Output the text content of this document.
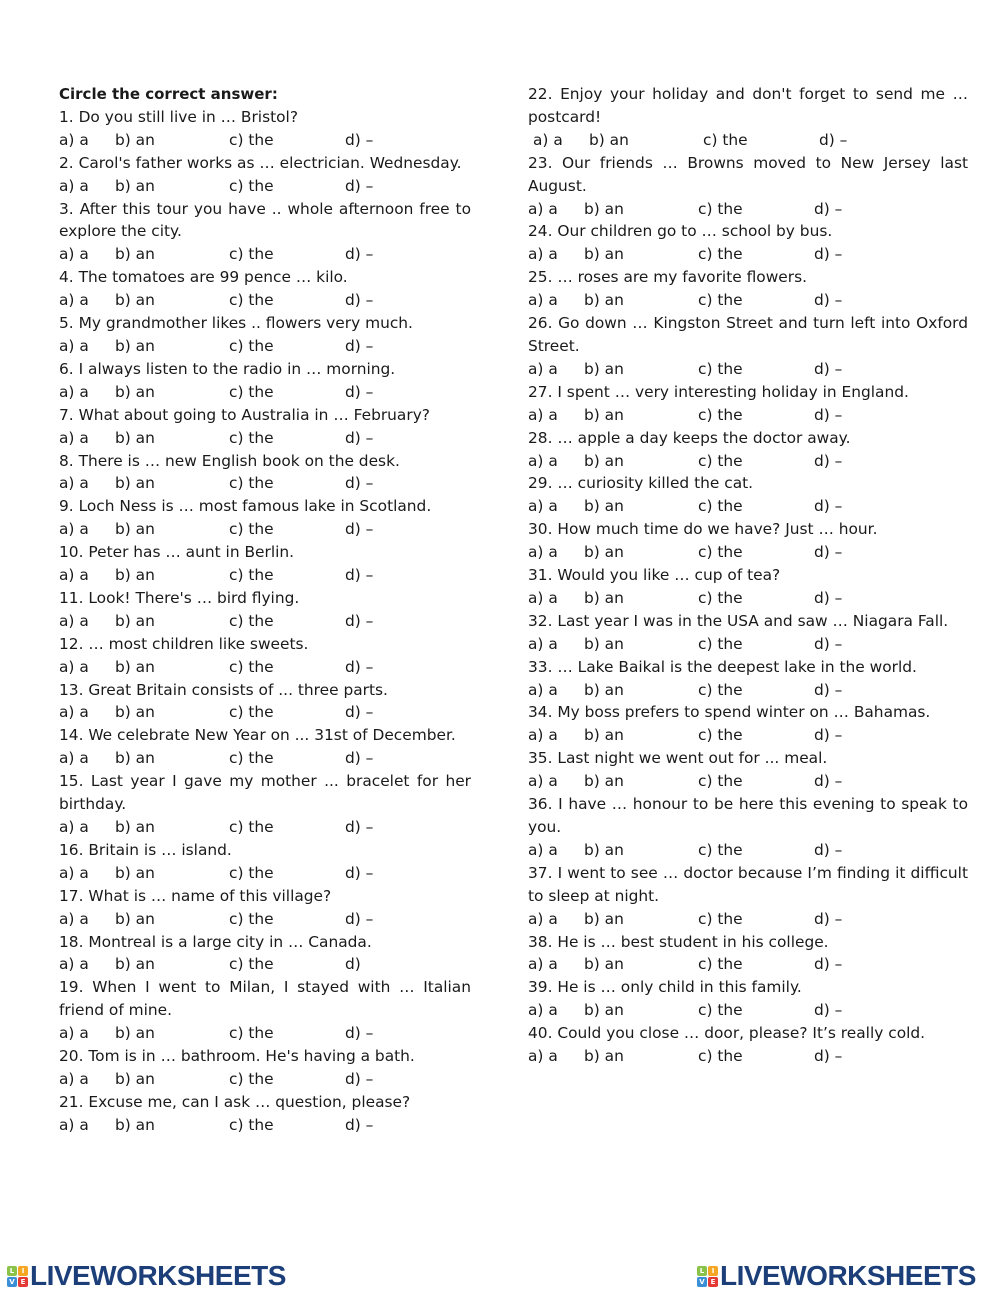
Circle the correct answer:
1. Do you still live in … Bristol?
a) a	b) an	c) the	d) –
2. Carol's father works as … electrician. Wednesday.
a) a	b) an	c) the	d) –
3. After this tour you have .. whole afternoon free to explore the city.
a) a	b) an	c) the	d) –
4. The tomatoes are 99 pence … kilo.
a) a	b) an	c) the	d) –
5. My grandmother likes .. flowers very much.
a) a	b) an	c) the	d) –
6. I always listen to the radio in … morning.
a) a	b) an	c) the	d) –
7. What about going to Australia in … February?
a) a	b) an	c) the	d) –
8. There is … new English book on the desk.
a) a	b) an	c) the	d) –
9. Loch Ness is … most famous lake in Scotland.
a) a	b) an	c) the	d) –
10. Peter has … aunt in Berlin.
a) a	b) an	c) the	d) –
11. Look! There's … bird flying.
a) a	b) an	c) the	d) –
12. … most children like sweets.
a) a	b) an	c) the	d) –
13. Great Britain consists of ... three parts.
a) a	b) an	c) the	d) –
14. We celebrate New Year on ... 31st of December.
a) a	b) an	c) the	d) –
15. Last year I gave my mother ... bracelet for her birthday.
a) a	b) an	c) the	d) –
16. Britain is … island.
a) a	b) an	c) the	d) –
17. What is … name of this village?
a) a	b) an	c) the	d) –
18. Montreal is a large city in … Canada.
a) a	b) an	c) the	d)
19. When I went to Milan, I stayed with … Italian friend of mine.
a) a	b) an	c) the	d) –
20. Tom is in … bathroom. He's having a bath.
a) a	b) an	c) the	d) –
21. Excuse me, can I ask … question, please?
a) a	b) an	c) the	d) –
22. Enjoy your holiday and don't forget to send me … postcard!
a) a	b) an	c) the	d) –
23. Our friends … Browns moved to New Jersey last August.
a) a	b) an	c) the	d) –
24. Our children go to … school by bus.
a) a	b) an	c) the	d) –
25. … roses are my favorite flowers.
a) a	b) an	c) the	d) –
26. Go down … Kingston Street and turn left into Oxford Street.
a) a	b) an	c) the	d) –
27. I spent … very interesting holiday in England.
a) a	b) an	c) the	d) –
28. … apple a day keeps the doctor away.
a) a	b) an	c) the	d) –
29. … curiosity killed the cat.
a) a	b) an	c) the	d) –
30. How much time do we have? Just … hour.
a) a	b) an	c) the	d) –
31. Would you like … cup of tea?
a) a	b) an	c) the	d) –
32. Last year I was in the USA and saw … Niagara Fall.
a) a	b) an	c) the	d) –
33. … Lake Baikal is the deepest lake in the world.
a) a	b) an	c) the	d) –
34. My boss prefers to spend winter on … Bahamas.
a) a	b) an	c) the	d) –
35. Last night we went out for ... meal.
a) a	b) an	c) the	d) –
36. I have … honour to be here this evening to speak to you.
a) a	b) an	c) the	d) –
37. I went to see … doctor because I’m finding it difficult to sleep at night.
a) a	b) an	c) the	d) –
38. He is … best student in his college.
a) a	b) an	c) the	d) –
39. He is … only child in this family.
a) a	b) an	c) the	d) –
40. Could you close … door, please? It’s really cold.
a) a	b) an	c) the	d) –
L	I
V E LIVEWORKSHEETS	L	I
V E LIVEWORKSHEETS
